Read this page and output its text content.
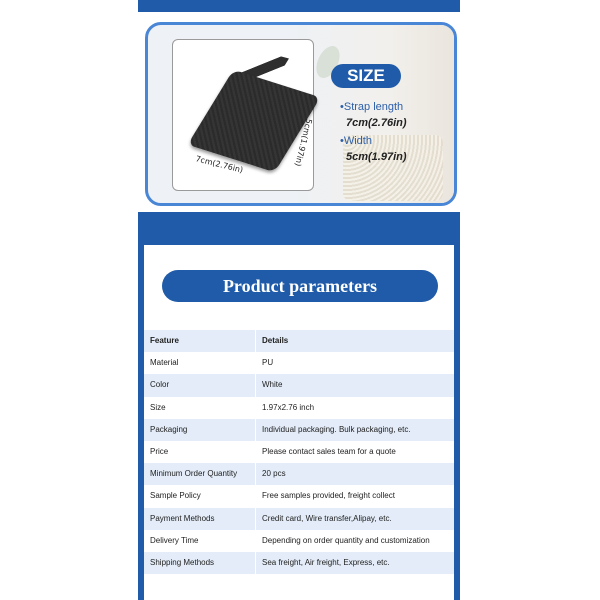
7cm(2.76in)	5cm(1.97in)
SIZE
•Strap length
7cm(2.76in)
•Width
5cm(1.97in)
Product parameters
Feature	Details
Material	PU
Color	White
Size	1.97x2.76 inch
Packaging	Individual packaging. Bulk packaging, etc.
Price	Please contact sales team for a quote
Minimum Order Quantity	20 pcs
Sample Policy	Free samples provided, freight collect
Payment Methods	Credit card, Wire transfer,Alipay, etc.
Delivery Time	Depending on order quantity and customization
Shipping Methods	Sea freight, Air freight, Express, etc.
